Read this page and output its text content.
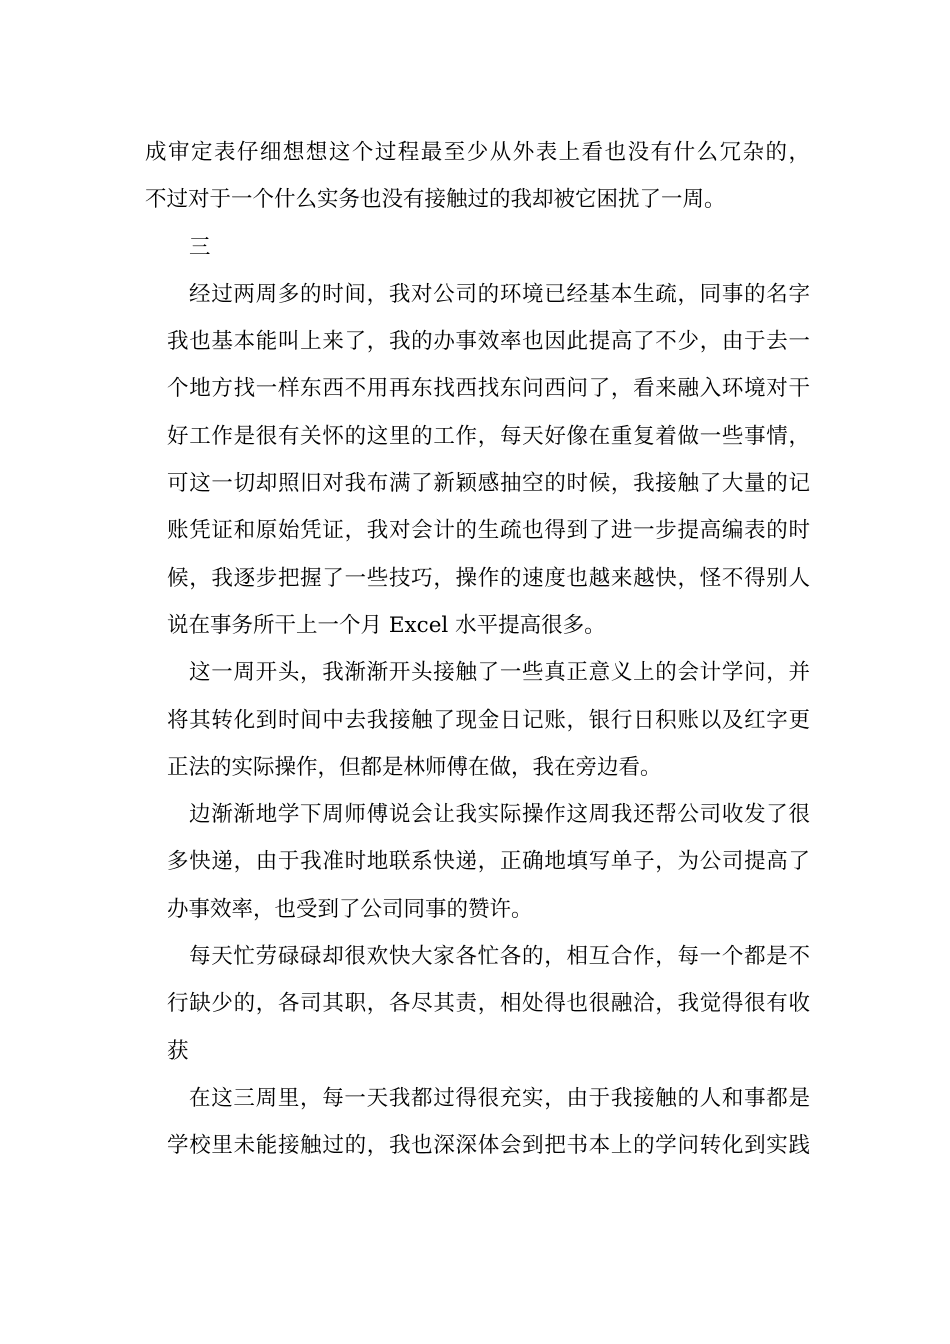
成审定表仔细想想这个过程最至少从外表上看也没有什么冗杂的，
不过对于一个什么实务也没有接触过的我却被它困扰了一周。
三
经过两周多的时间，我对公司的环境已经基本生疏，同事的名字
我也基本能叫上来了，我的办事效率也因此提高了不少，由于去一
个地方找一样东西不用再东找西找东问西问了，看来融入环境对干
好工作是很有关怀的这里的工作，每天好像在重复着做一些事情，
可这一切却照旧对我布满了新颖感抽空的时候，我接触了大量的记
账凭证和原始凭证，我对会计的生疏也得到了进一步提高编表的时
候，我逐步把握了一些技巧，操作的速度也越来越快，怪不得别人
说在事务所干上一个月 Excel 水平提高很多。
这一周开头，我渐渐开头接触了一些真正意义上的会计学问，并
将其转化到时间中去我接触了现金日记账，银行日积账以及红字更
正法的实际操作，但都是林师傅在做，我在旁边看。
边渐渐地学下周师傅说会让我实际操作这周我还帮公司收发了很
多快递，由于我准时地联系快递，正确地填写单子，为公司提高了
办事效率，也受到了公司同事的赞许。
每天忙劳碌碌却很欢快大家各忙各的，相互合作，每一个都是不
行缺少的，各司其职，各尽其责，相处得也很融洽，我觉得很有收
获
在这三周里，每一天我都过得很充实，由于我接触的人和事都是
学校里未能接触过的，我也深深体会到把书本上的学问转化到实践
